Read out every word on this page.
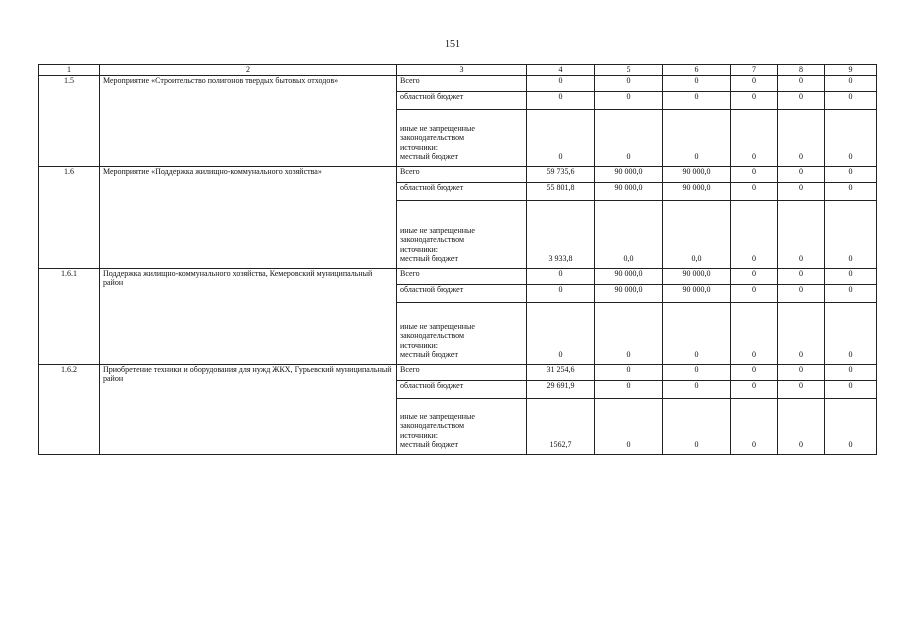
151
1	2	3	4	5	6	7	8	9
1.5	Мероприятие «Строительство полигонов твердых бытовых отходов»	Всего	0	0	0	0	0	0
		областной бюджет	0	0	0	0	0	0

		иные не запрещенные
законодательством
источники:
местный бюджет	0	0	0	0	0	0
1.6	Мероприятие «Поддержка жилищно-коммунального хозяйства»	Всего	59 735,6	90 000,0	90 000,0	0	0	0
		областной бюджет	55 801,8	90 000,0	90 000,0	0	0	0

		иные не запрещенные
законодательством
источники:
местный бюджет	3 933,8	0,0	0,0	0	0	0
1.6.1	Поддержка жилищно-коммунального хозяйства, Кемеровский муниципальный район	Всего	0	90 000,0	90 000,0	0	0	0
		областной бюджет	0	90 000,0	90 000,0	0	0	0

		иные не запрещенные
законодательством
источники:
местный бюджет	0	0	0	0	0	0
1.6.2	Приобретение техники и оборудования для нужд ЖКХ, Гурьевский муниципальный район	Всего	31 254,6	0	0	0	0	0
		областной бюджет	29 691,9	0	0	0	0	0

		иные не запрещенные
законодательством
источники:
местный бюджет	1562,7	0	0	0	0	0
